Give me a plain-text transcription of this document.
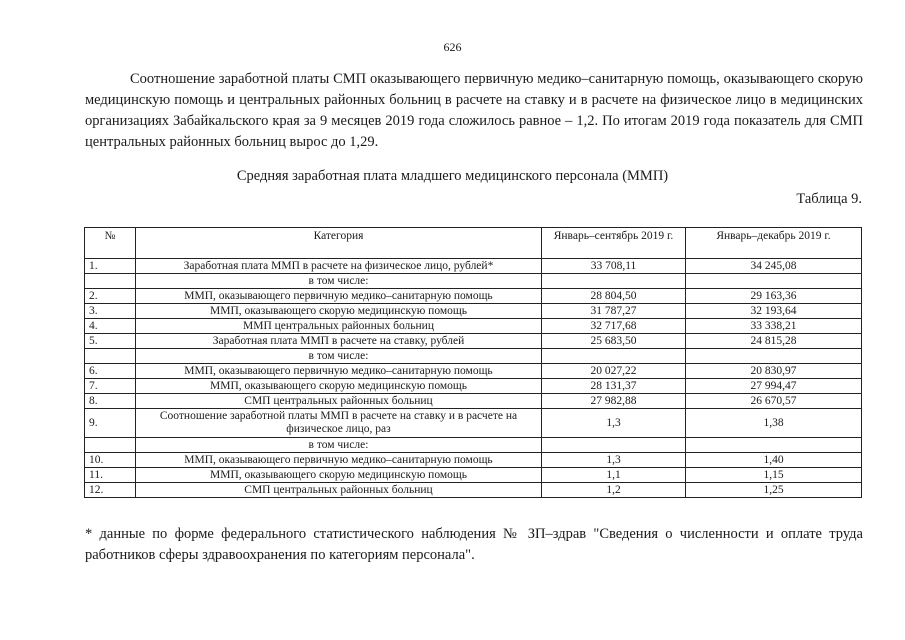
626

Соотношение заработной платы СМП оказывающего первичную медико–санитарную помощь, оказывающего скорую медицинскую помощь и центральных районных больниц в расчете на ставку и в расчете на физическое лицо в медицинских организациях Забайкальского края за 9 месяцев 2019 года сложилось равное – 1,2. По итогам 2019 года показатель для СМП центральных районных больниц вырос до 1,29.

Средняя заработная плата младшего медицинского персонала (ММП)
Таблица 9.
№	Категория	Январь–сентябрь 2019 г.	Январь–декабрь 2019 г.
1.	Заработная плата ММП в расчете на физическое лицо, рублей*	33 708,11	34 245,08
	в том числе:		
2.	ММП, оказывающего первичную медико–санитарную помощь	28 804,50	29 163,36
3.	ММП, оказывающего скорую медицинскую помощь	31 787,27	32 193,64
4.	ММП центральных районных больниц	32 717,68	33 338,21
5.	Заработная плата ММП в расчете на ставку, рублей	25 683,50	24 815,28
	в том числе:		
6.	ММП, оказывающего первичную медико–санитарную помощь	20 027,22	20 830,97
7.	ММП, оказывающего скорую медицинскую помощь	28 131,37	27 994,47
8.	СМП центральных районных больниц	27 982,88	26 670,57
9.	Соотношение заработной платы ММП в расчете на ставку и в расчете на физическое лицо, раз	1,3	1,38
	в том числе:		
10.	ММП, оказывающего первичную медико–санитарную помощь	1,3	1,40
11.	ММП, оказывающего скорую медицинскую помощь	1,1	1,15
12.	СМП центральных районных больниц	1,2	1,25

* данные по форме федерального статистического наблюдения № ЗП–здрав "Сведения о численности и оплате труда работников сферы здравоохранения по категориям персонала".
